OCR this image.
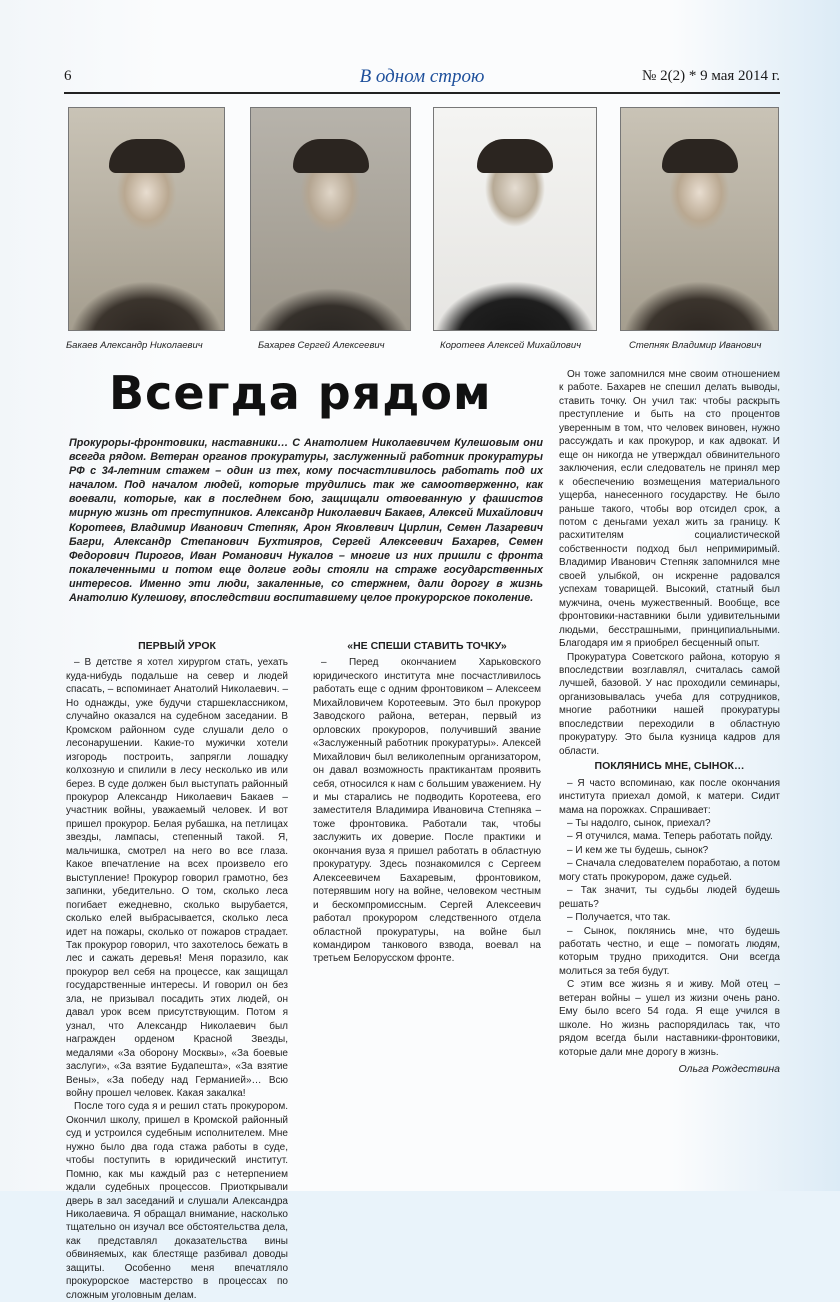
6	В одном строю	№ 2(2) * 9 мая 2014 г.
Бакаев Александр Николаевич	Бахарев Сергей Алексеевич	Коротеев Алексей Михайлович	Степняк Владимир Иванович
Всегда рядом
Прокуроры-фронтовики, наставники… С Анатолием Николаевичем Кулешовым они всегда рядом. Ветеран органов прокуратуры, заслуженный работник прокуратуры РФ с 34-летним стажем – один из тех, кому посчастливилось работать под их началом. Под началом людей, которые трудились так же самоотверженно, как воевали, которые, как в последнем бою, защищали отвоеванную у фашистов мирную жизнь от преступников. Александр Николаевич Бакаев, Алексей Михайлович Коротеев, Владимир Иванович Степняк, Арон Яковлевич Цирлин, Семен Лазаревич Багри, Александр Степанович Бухтияров, Сергей Алексеевич Бахарев, Семен Федорович Пирогов, Иван Романович Нукалов – многие из них пришли с фронта покалеченными и потом еще долгие годы стояли на страже государственных интересов. Именно эти люди, закаленные, со стержнем, дали дорогу в жизнь Анатолию Кулешову, впоследствии воспитавшему целое прокурорское поколение.
ПЕРВЫЙ УРОК

– В детстве я хотел хирургом стать, уехать куда-нибудь подальше на север и людей спасать, – вспоминает Анатолий Николаевич. – Но однажды, уже будучи старшеклассником, случайно оказался на судебном заседании. В Кромском районном суде слушали дело о лесонарушении. Какие-то мужички хотели изгородь построить, запрягли лошадку колхозную и спилили в лесу несколько ив или берез. В суде должен был выступать районный прокурор Александр Николаевич Бакаев – участник войны, уважаемый человек. И вот пришел прокурор. Белая рубашка, на петлицах звезды, лампасы, степенный такой. Я, мальчишка, смотрел на него во все глаза. Какое впечатление на всех произвело его выступление! Прокурор говорил грамотно, без запинки, убедительно. О том, сколько леса погибает ежедневно, сколько вырубается, сколько елей выбрасывается, сколько леса идет на пожары, сколько от пожаров страдает. Так прокурор говорил, что захотелось бежать в лес и сажать деревья! Меня поразило, как прокурор вел себя на процессе, как защищал государственные интересы. И говорил он без зла, не призывал посадить этих людей, он давал урок всем присутствующим. Потом я узнал, что Александр Николаевич был награжден орденом Красной Звезды, медалями «За оборону Москвы», «За боевые заслуги», «За взятие Будапешта», «За взятие Вены», «За победу над Германией»… Всю войну прошел человек. Какая закалка!

После того суда я и решил стать прокурором. Окончил школу, пришел в Кромской районный суд и устроился судебным исполнителем. Мне нужно было два года стажа работы в суде, чтобы поступить в юридический институт. Помню, как мы каждый раз с нетерпением ждали судебных процессов. Приоткрывали дверь в зал заседаний и слушали Александра Николаевича. Я обращал внимание, насколько тщательно он изучал все обстоятельства дела, как представлял доказательства вины обвиняемых, как блестяще разбивал доводы защиты. Особенно меня впечатляло прокурорское мастерство в процессах по сложным уголовным делам.

«НЕ СПЕШИ СТАВИТЬ ТОЧКУ»

– Перед окончанием Харьковского юридического института мне посчастливилось работать еще с одним фронтовиком – Алексеем Михайловичем Коротеевым. Это был прокурор Заводского района, ветеран, первый из орловских прокуроров, получивший звание «Заслуженный работник прокуратуры». Алексей Михайлович был великолепным организатором, он давал возможность практикантам проявить себя, относился к нам с большим уважением. Ну и мы старались не подводить Коротеева, его заместителя Владимира Ивановича Степняка – тоже фронтовика. Работали так, чтобы заслужить их доверие. После практики и окончания вуза я пришел работать в областную прокуратуру. Здесь познакомился с Сергеем Алексеевичем Бахаревым, фронтовиком, потерявшим ногу на войне, человеком честным и бескомпромиссным. Сергей Алексеевич работал прокурором следственного отдела областной прокуратуры, на войне был командиром танкового взвода, воевал на третьем Белорусском фронте.

Он тоже запомнился мне своим отношением к работе. Бахарев не спешил делать выводы, ставить точку. Он учил так: чтобы раскрыть преступление и быть на сто процентов уверенным в том, что человек виновен, нужно рассуждать и как прокурор, и как адвокат. И еще он никогда не утверждал обвинительного заключения, если следователь не принял мер к обеспечению возмещения материального ущерба, нанесенного государству. Не было раньше такого, чтобы вор отсидел срок, а потом с деньгами уехал жить за границу. К расхитителям социалистической собственности подход был непримиримый. Владимир Иванович Степняк запомнился мне своей улыбкой, он искренне радовался успехам товарищей. Высокий, статный был мужчина, очень мужественный. Вообще, все фронтовики-наставники были удивительными людьми, бесстрашными, принципиальными. Благодаря им я приобрел бесценный опыт.

Прокуратура Советского района, которую я впоследствии возглавлял, считалась самой лучшей, базовой. У нас проходили семинары, организовывалась учеба для сотрудников, многие работники нашей прокуратуры впоследствии переходили в областную прокуратуру. Это была кузница кадров для области.

ПОКЛЯНИСЬ МНЕ, СЫНОК…

– Я часто вспоминаю, как после окончания института приехал домой, к матери. Сидит мама на порожках. Спрашивает:

– Ты надолго, сынок, приехал?

– Я отучился, мама. Теперь работать пойду.

– И кем же ты будешь, сынок?

– Сначала следователем поработаю, а потом могу стать прокурором, даже судьей.

– Так значит, ты судьбы людей будешь решать?

– Получается, что так.

– Сынок, поклянись мне, что будешь работать честно, и еще – помогать людям, которым трудно приходится. Они всегда молиться за тебя будут.

С этим все жизнь я и живу. Мой отец – ветеран войны – ушел из жизни очень рано. Ему было всего 54 года. Я еще учился в школе. Но жизнь распорядилась так, что рядом всегда были наставники-фронтовики, которые дали мне дорогу в жизнь.

Ольга Рождествина
